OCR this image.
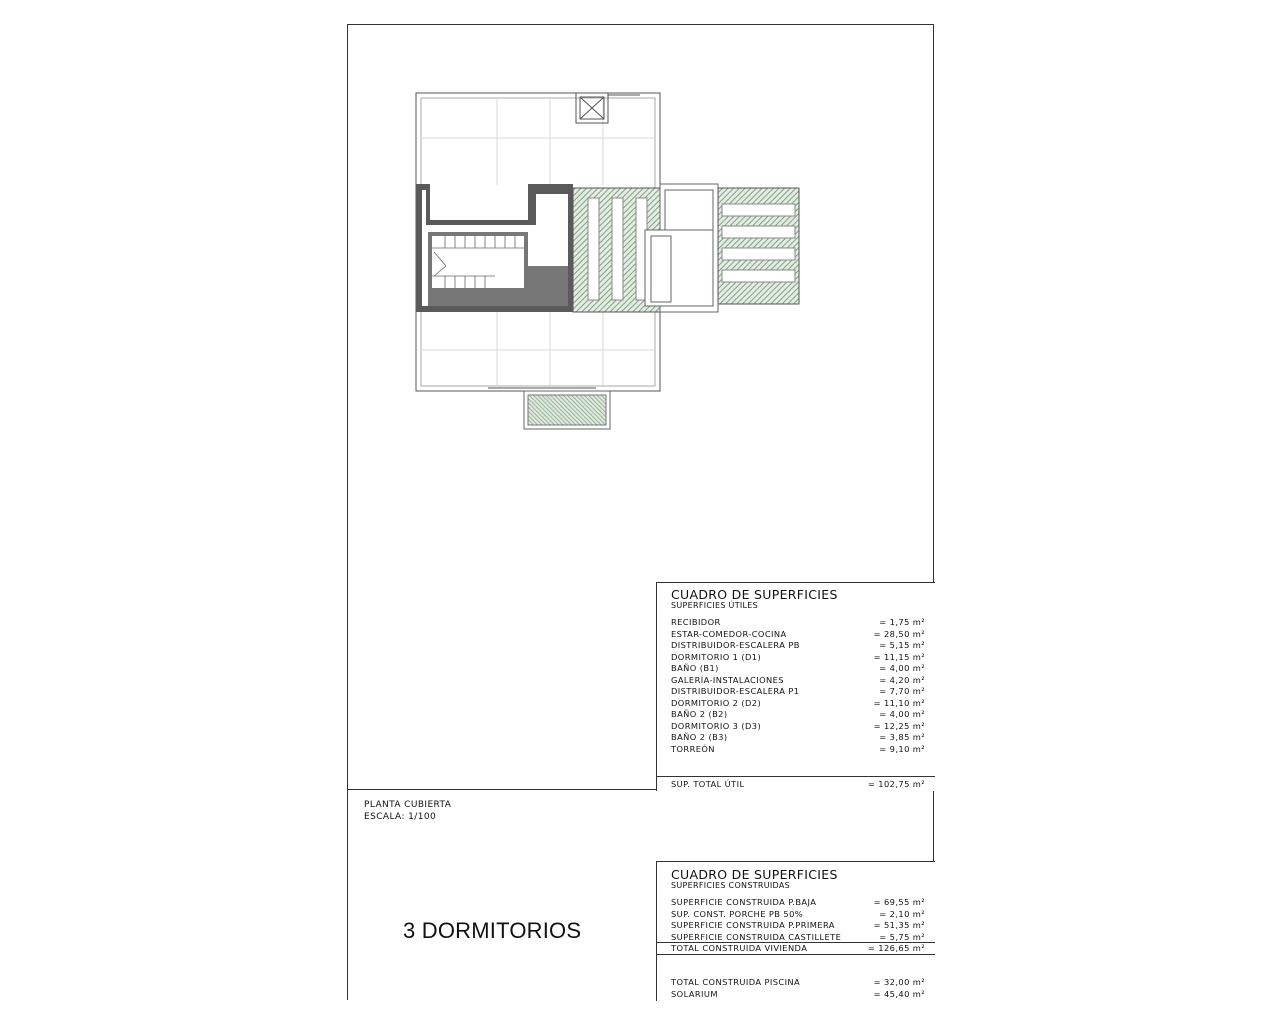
CUADRO DE SUPERFICIES
SUPERFICIES ÚTILES
RECIBIDOR	= 1,75 m²
ESTAR-COMEDOR-COCINA	= 28,50 m²
DISTRIBUIDOR-ESCALERA PB	= 5,15 m²
DORMITORIO 1 (D1)	= 11,15 m²
BAÑO (B1)	= 4,00 m²
GALERÍA-INSTALACIONES	= 4,20 m²
DISTRIBUIDOR-ESCALERA P1	= 7,70 m²
DORMITORIO 2 (D2)	= 11,10 m²
BAÑO 2 (B2)	= 4,00 m²
DORMITORIO 3 (D3)	= 12,25 m²
BAÑO 2 (B3)	= 3,85 m²
TORREÓN	= 9,10 m²
SUP. TOTAL ÚTIL	= 102,75 m²
PLANTA CUBIERTA
ESCALA: 1/100
3 DORMITORIOS
CUADRO DE SUPERFICIES
SUPERFICIES CONSTRUIDAS
SUPERFICIE CONSTRUIDA P.BAJA	= 69,55 m²
SUP. CONST. PORCHE PB 50%	= 2,10 m²
SUPERFICIE CONSTRUIDA P.PRIMERA	= 51,35 m²
SUPERFICIE CONSTRUIDA CASTILLETE	= 5,75 m²
TOTAL CONSTRUIDA VIVIENDA	= 126,65 m²
TOTAL CONSTRUIDA PISCINA	= 32,00 m²
SOLARIUM	= 45,40 m²
